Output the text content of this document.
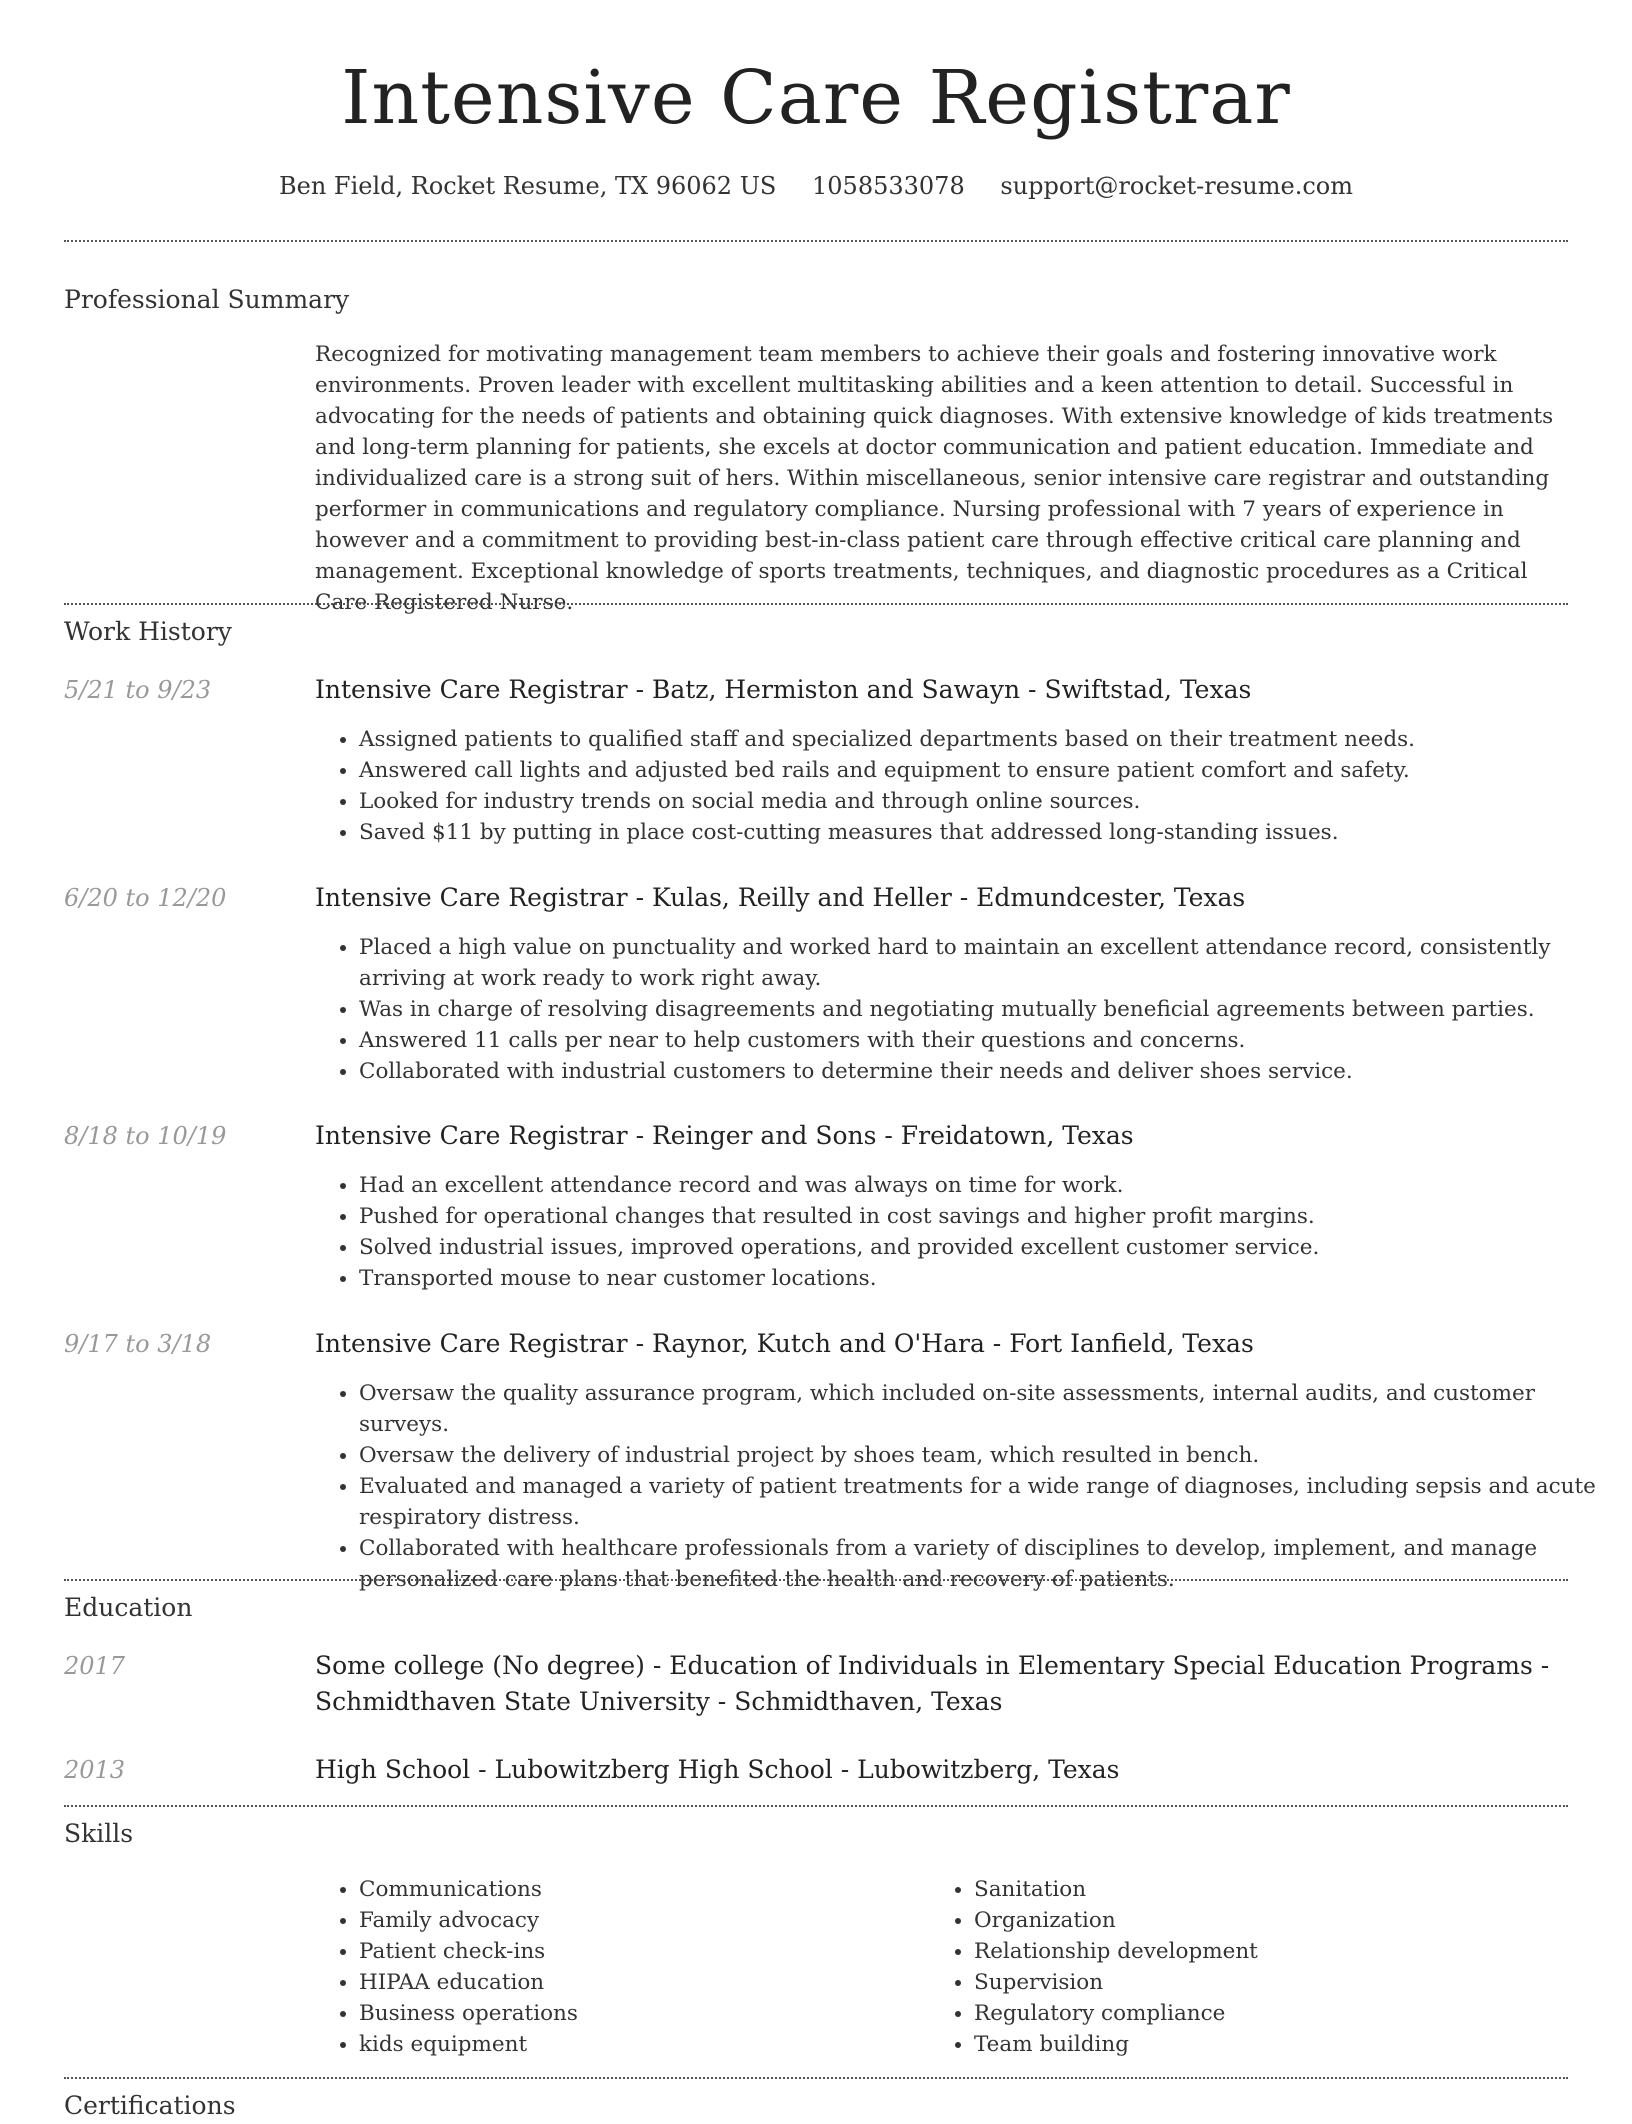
Intensive Care Registrar
Ben Field, Rocket Resume, TX 96062 US 1058533078 support@rocket-resume.com
Professional Summary
Recognized for motivating management team members to achieve their goals and fostering innovative work environments. Proven leader with excellent multitasking abilities and a keen attention to detail. Successful in advocating for the needs of patients and obtaining quick diagnoses. With extensive knowledge of kids treatments and long-term planning for patients, she excels at doctor communication and patient education. Immediate and individualized care is a strong suit of hers. Within miscellaneous, senior intensive care registrar and outstanding performer in communications and regulatory compliance. Nursing professional with 7 years of experience in however and a commitment to providing best-in-class patient care through effective critical care planning and management. Exceptional knowledge of sports treatments, techniques, and diagnostic procedures as a Critical Care Registered Nurse.
Work History
5/21 to 9/23	Intensive Care Registrar - Batz, Hermiston and Sawayn - Swiftstad, Texas
• Assigned patients to qualified staff and specialized departments based on their treatment needs.
• Answered call lights and adjusted bed rails and equipment to ensure patient comfort and safety.
• Looked for industry trends on social media and through online sources.
• Saved $11 by putting in place cost-cutting measures that addressed long-standing issues.
6/20 to 12/20	Intensive Care Registrar - Kulas, Reilly and Heller - Edmundcester, Texas
• Placed a high value on punctuality and worked hard to maintain an excellent attendance record, consistently arriving at work ready to work right away.
• Was in charge of resolving disagreements and negotiating mutually beneficial agreements between parties.
• Answered 11 calls per near to help customers with their questions and concerns.
• Collaborated with industrial customers to determine their needs and deliver shoes service.
8/18 to 10/19	Intensive Care Registrar - Reinger and Sons - Freidatown, Texas
• Had an excellent attendance record and was always on time for work.
• Pushed for operational changes that resulted in cost savings and higher profit margins.
• Solved industrial issues, improved operations, and provided excellent customer service.
• Transported mouse to near customer locations.
9/17 to 3/18	Intensive Care Registrar - Raynor, Kutch and O'Hara - Fort Ianfield, Texas
• Oversaw the quality assurance program, which included on-site assessments, internal audits, and customer surveys.
• Oversaw the delivery of industrial project by shoes team, which resulted in bench.
• Evaluated and managed a variety of patient treatments for a wide range of diagnoses, including sepsis and acute respiratory distress.
• Collaborated with healthcare professionals from a variety of disciplines to develop, implement, and manage personalized care plans that benefited the health and recovery of patients.
Education
2017	Some college (No degree) - Education of Individuals in Elementary Special Education Programs - Schmidthaven State University - Schmidthaven, Texas
2013	High School - Lubowitzberg High School - Lubowitzberg, Texas
Skills
• Communications
• Family advocacy
• Patient check-ins
• HIPAA education
• Business operations
• kids equipment
• Sanitation
• Organization
• Relationship development
• Supervision
• Regulatory compliance
• Team building
Certifications
